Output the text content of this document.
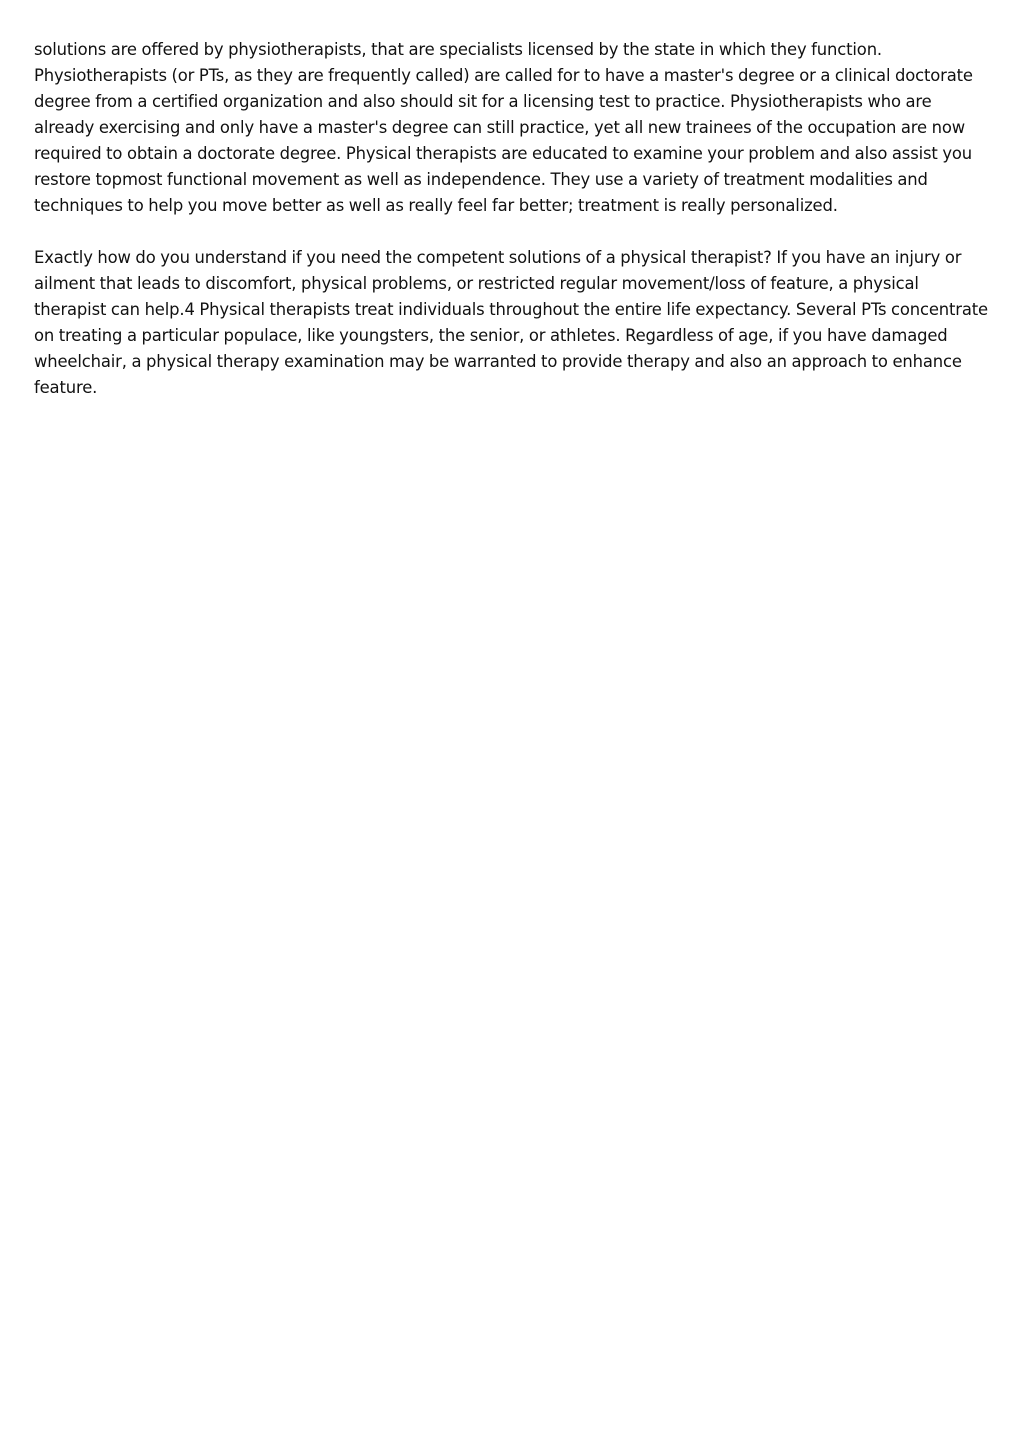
solutions are offered by physiotherapists, that are specialists licensed by the state in which they function. Physiotherapists (or PTs, as they are frequently called) are called for to have a master's degree or a clinical doctorate degree from a certified organization and also should sit for a licensing test to practice. Physiotherapists who are already exercising and only have a master's degree can still practice, yet all new trainees of the occupation are now required to obtain a doctorate degree. Physical therapists are educated to examine your problem and also assist you restore topmost functional movement as well as independence. They use a variety of treatment modalities and techniques to help you move better as well as really feel far better; treatment is really personalized.

Exactly how do you understand if you need the competent solutions of a physical therapist? If you have an injury or ailment that leads to discomfort, physical problems, or restricted regular movement/loss of feature, a physical therapist can help.4 Physical therapists treat individuals throughout the entire life expectancy. Several PTs concentrate on treating a particular populace, like youngsters, the senior, or athletes. Regardless of age, if you have damaged wheelchair, a physical therapy examination may be warranted to provide therapy and also an approach to enhance feature.
